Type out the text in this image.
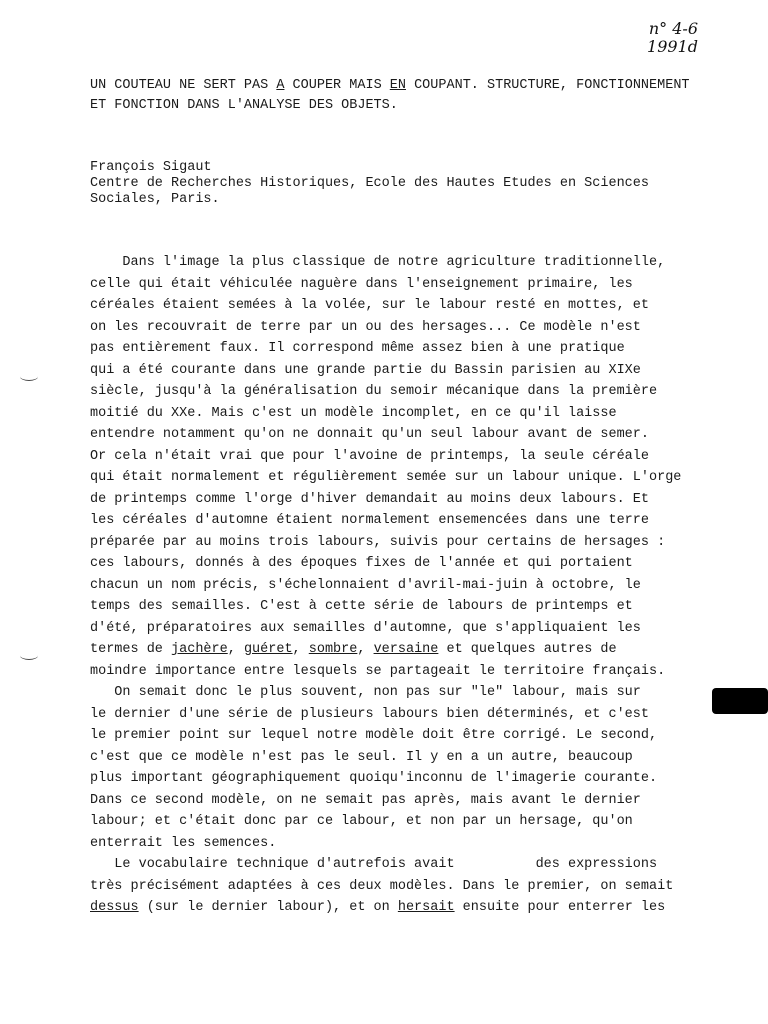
n° 4-6
1991d
UN COUTEAU NE SERT PAS A COUPER MAIS EN COUPANT. STRUCTURE, FONCTIONNEMENT
ET FONCTION DANS L'ANALYSE DES OBJETS.
François Sigaut
Centre de Recherches Historiques, Ecole des Hautes Etudes en Sciences
Sociales, Paris.
Dans l'image la plus classique de notre agriculture traditionnelle,
celle qui était véhiculée naguère dans l'enseignement primaire, les
céréales étaient semées à la volée, sur le labour resté en mottes, et
on les recouvrait de terre par un ou des hersages... Ce modèle n'est
pas entièrement faux. Il correspond même assez bien à une pratique
qui a été courante dans une grande partie du Bassin parisien au XIXe
siècle, jusqu'à la généralisation du semoir mécanique dans la première
moitié du XXe. Mais c'est un modèle incomplet, en ce qu'il laisse
entendre notamment qu'on ne donnait qu'un seul labour avant de semer.
Or cela n'était vrai que pour l'avoine de printemps, la seule céréale
qui était normalement et régulièrement semée sur un labour unique. L'orge
de printemps comme l'orge d'hiver demandait au moins deux labours. Et
les céréales d'automne étaient normalement ensemencées dans une terre
préparée par au moins trois labours, suivis pour certains de hersages :
ces labours, donnés à des époques fixes de l'année et qui portaient
chacun un nom précis, s'échelonnaient d'avril-mai-juin à octobre, le
temps des semailles. C'est à cette série de labours de printemps et
d'été, préparatoires aux semailles d'automne, que s'appliquaient les
termes de jachère, guéret, sombre, versaine et quelques autres de
moindre importance entre lesquels se partageait le territoire français.
On semait donc le plus souvent, non pas sur "le" labour, mais sur
le dernier d'une série de plusieurs labours bien déterminés, et c'est
le premier point sur lequel notre modèle doit être corrigé. Le second,
c'est que ce modèle n'est pas le seul. Il y en a un autre, beaucoup
plus important géographiquement quoiqu'inconnu de l'imagerie courante.
Dans ce second modèle, on ne semait pas après, mais avant le dernier
labour; et c'était donc par ce labour, et non par un hersage, qu'on
enterrait les semences.
Le vocabulaire technique d'autrefois avait          des expressions
très précisément adaptées à ces deux modèles. Dans le premier, on semait
dessus (sur le dernier labour), et on hersait ensuite pour enterrer les
